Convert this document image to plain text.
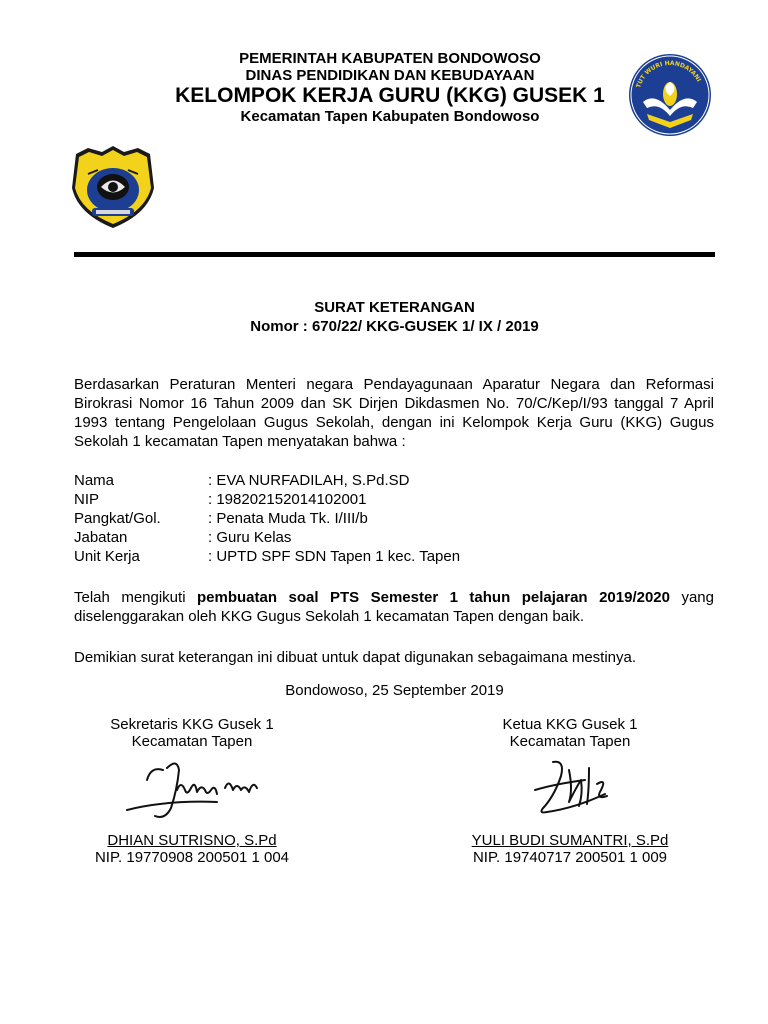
TUT WURI HANDAYANI
PEMERINTAH KABUPATEN BONDOWOSO
DINAS PENDIDIKAN DAN KEBUDAYAAN
KELOMPOK KERJA GURU (KKG) GUSEK 1
Kecamatan Tapen Kabupaten Bondowoso
SURAT KETERANGAN
Nomor : 670/22/ KKG-GUSEK 1/ IX / 2019
Berdasarkan Peraturan Menteri negara Pendayagunaan Aparatur Negara dan Reformasi Birokrasi Nomor 16 Tahun 2009 dan SK Dirjen Dikdasmen No. 70/C/Kep/I/93 tanggal 7 April 1993 tentang Pengelolaan Gugus Sekolah, dengan ini Kelompok Kerja Guru (KKG) Gugus Sekolah 1 kecamatan Tapen menyatakan bahwa :
Nama	: EVA NURFADILAH, S.Pd.SD
NIP	: 198202152014102001
Pangkat/Gol.	: Penata Muda Tk. I/III/b
Jabatan	: Guru Kelas
Unit Kerja	: UPTD SPF SDN Tapen 1 kec. Tapen
Telah mengikuti pembuatan soal PTS Semester 1 tahun pelajaran 2019/2020 yang diselenggarakan oleh KKG Gugus Sekolah 1 kecamatan Tapen dengan baik.
Demikian surat keterangan ini dibuat untuk dapat digunakan sebagaimana mestinya.
Bondowoso, 25 September 2019
Sekretaris KKG Gusek 1
Kecamatan Tapen
DHIAN SUTRISNO, S.Pd
NIP. 19770908 200501 1 004
Ketua KKG Gusek 1
Kecamatan Tapen
YULI BUDI SUMANTRI, S.Pd
NIP. 19740717 200501 1 009
